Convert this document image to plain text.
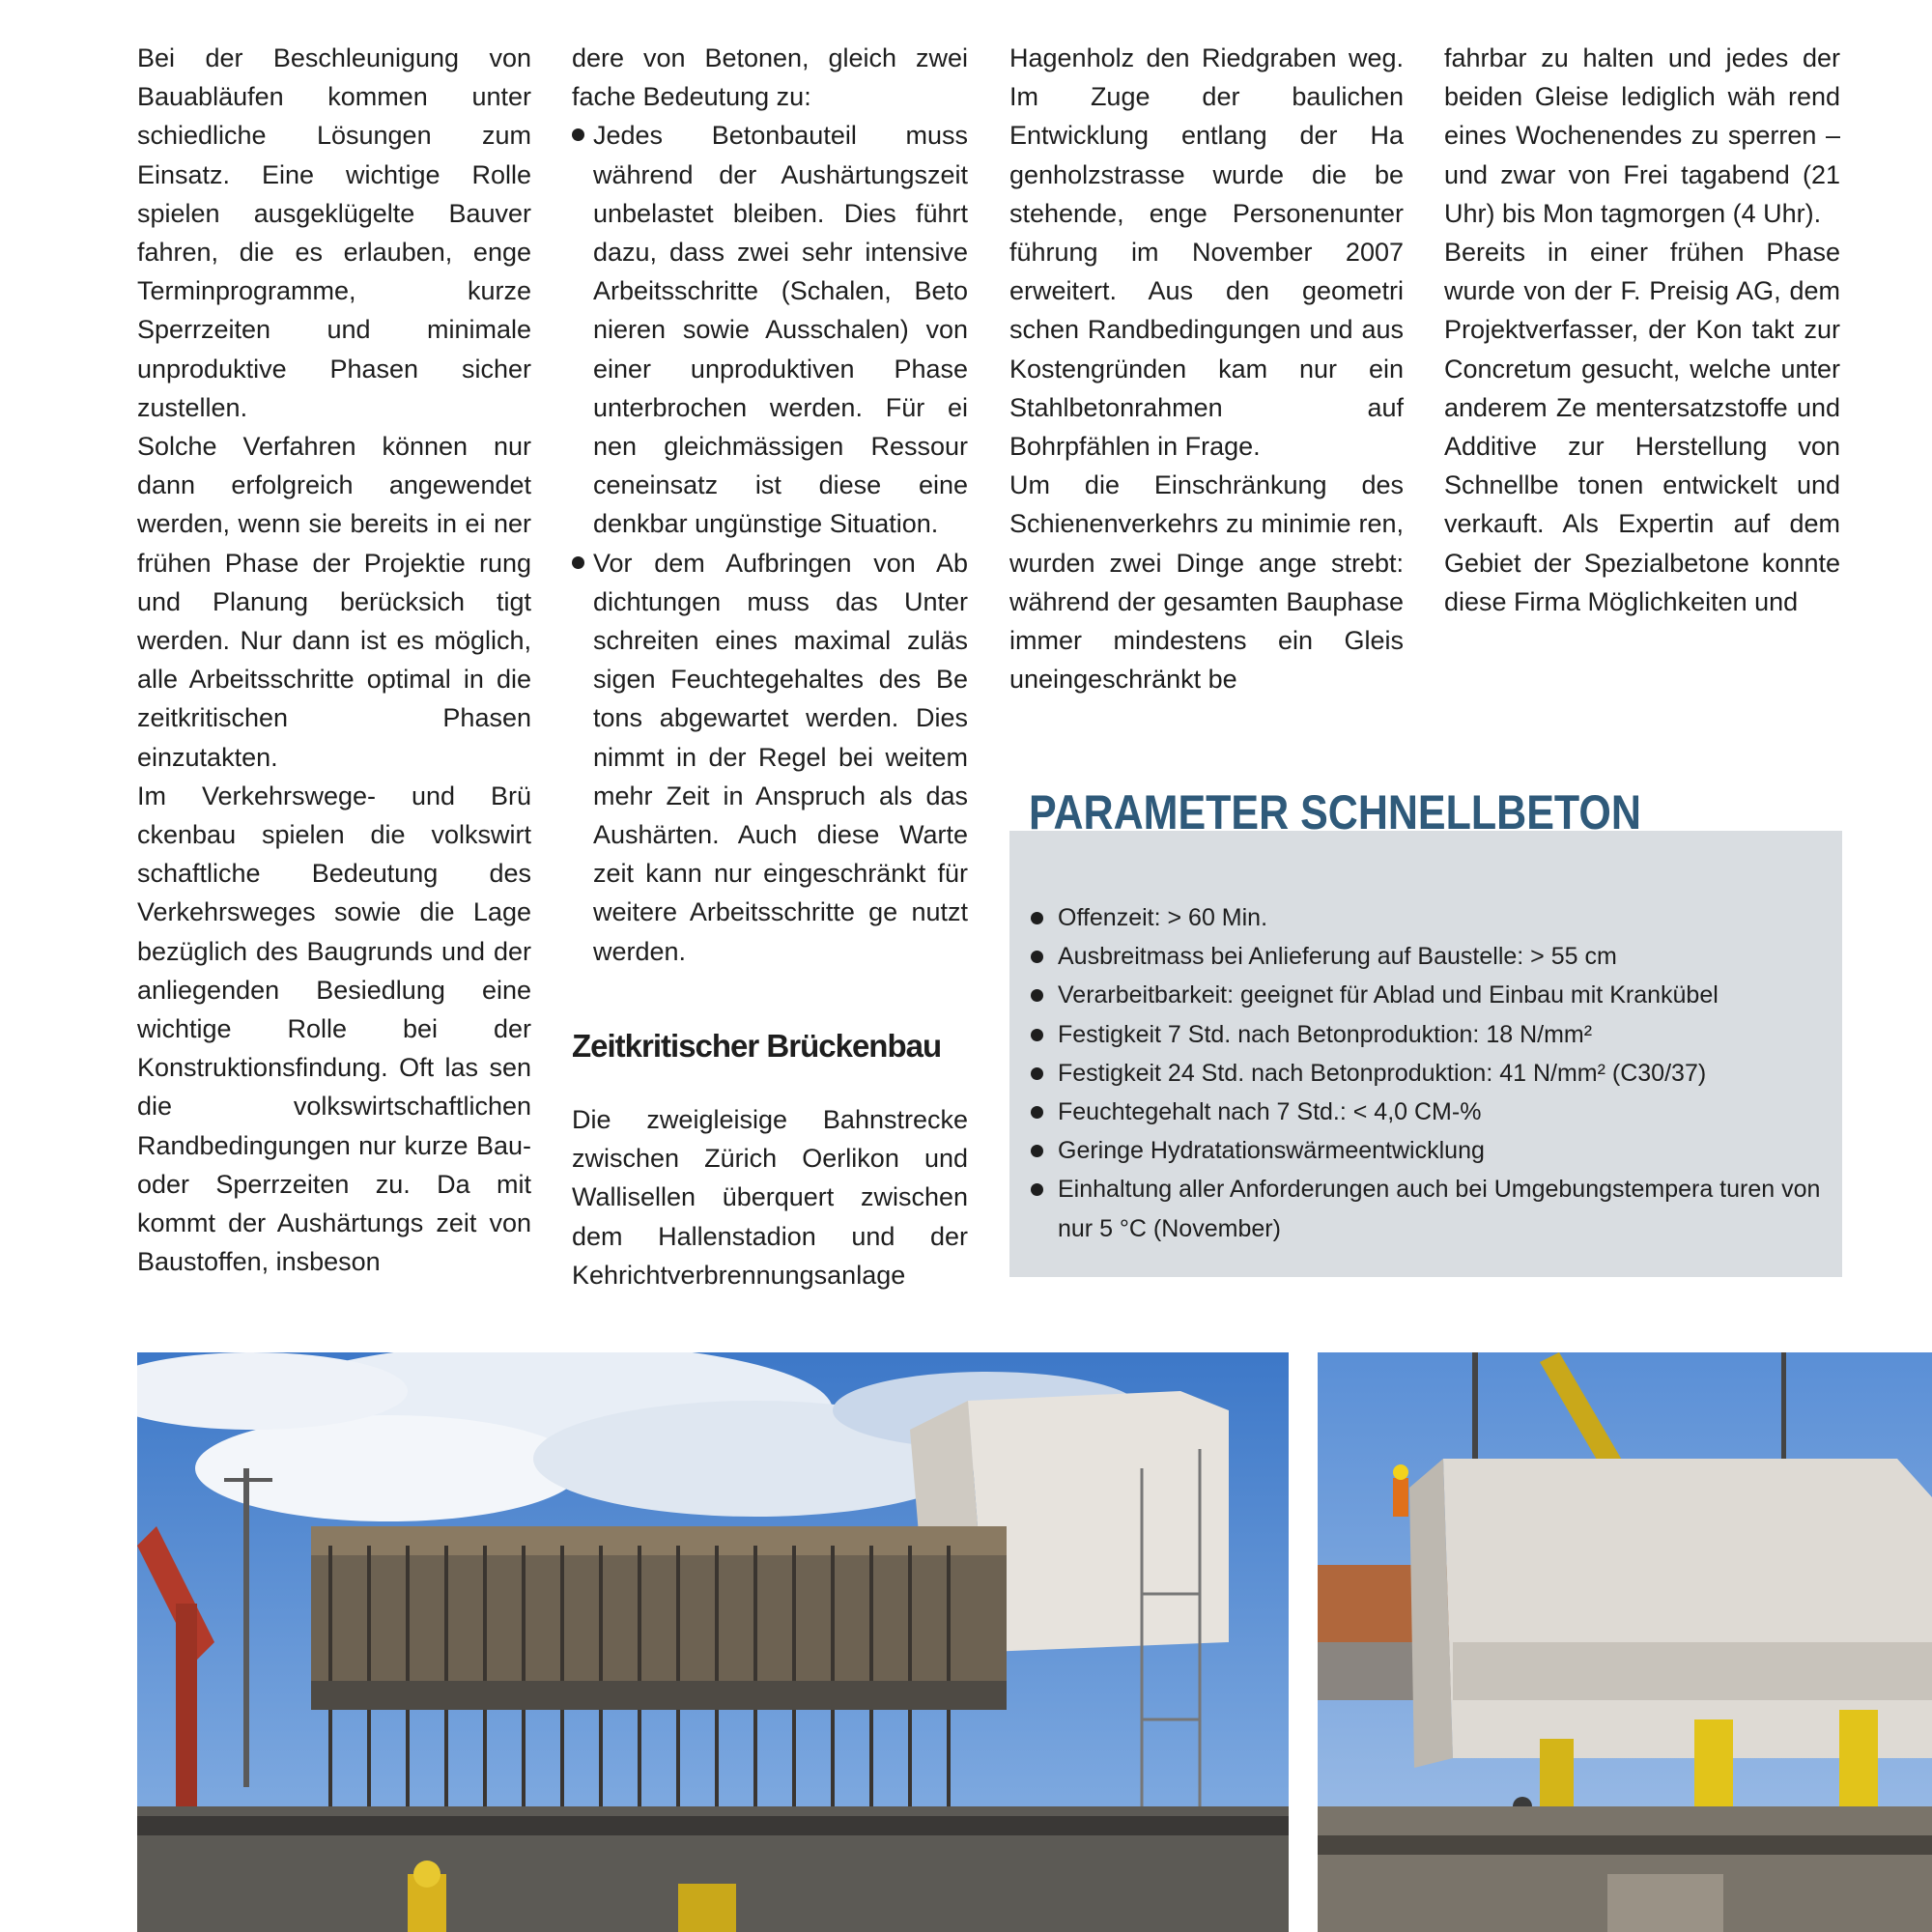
Bei der Beschleunigung von Bauabläufen kommen unter schiedliche Lösungen zum Einsatz. Eine wichtige Rolle spielen ausgeklügelte Bauver fahren, die es erlauben, enge Terminprogramme, kurze Sperrzeiten und minimale unproduktive Phasen sicher zustellen.

Solche Verfahren können nur dann erfolgreich angewendet werden, wenn sie bereits in ei ner frühen Phase der Projektie rung und Planung berücksich tigt werden. Nur dann ist es möglich, alle Arbeitsschritte optimal in die zeitkritischen Phasen einzutakten.

Im Verkehrswege- und Brü ckenbau spielen die volkswirt schaftliche Bedeutung des Verkehrsweges sowie die Lage bezüglich des Baugrunds und der anliegenden Besiedlung eine wichtige Rolle bei der Konstruktionsfindung. Oft las sen die volkswirtschaftlichen Randbedingungen nur kurze Bau- oder Sperrzeiten zu. Da mit kommt der Aushärtungs zeit von Baustoffen, insbeson

dere von Betonen, gleich zwei fache Bedeutung zu:

Jedes Betonbauteil muss während der Aushärtungszeit unbelastet bleiben. Dies führt dazu, dass zwei sehr intensive Arbeitsschritte (Schalen, Beto nieren sowie Ausschalen) von einer unproduktiven Phase unterbrochen werden. Für ei nen gleichmässigen Ressour ceneinsatz ist diese eine denkbar ungünstige Situation.
Vor dem Aufbringen von Ab dichtungen muss das Unter schreiten eines maximal zuläs sigen Feuchtegehaltes des Be tons abgewartet werden. Dies nimmt in der Regel bei weitem mehr Zeit in Anspruch als das Aushärten. Auch diese Warte zeit kann nur eingeschränkt für weitere Arbeitsschritte ge nutzt werden.
Zeitkritischer Brückenbau

Die zweigleisige Bahnstrecke zwischen Zürich Oerlikon und Wallisellen überquert zwischen dem Hallenstadion und der Kehrichtverbrennungsanlage

Hagenholz den Riedgraben weg. Im Zuge der baulichen Entwicklung entlang der Ha genholzstrasse wurde die be stehende, enge Personenunter führung im November 2007 erweitert. Aus den geometri schen Randbedingungen und aus Kostengründen kam nur ein Stahlbetonrahmen auf Bohrpfählen in Frage.

Um die Einschränkung des Schienenverkehrs zu minimie ren, wurden zwei Dinge ange strebt: während der gesamten Bauphase immer mindestens ein Gleis uneingeschränkt be

fahrbar zu halten und jedes der beiden Gleise lediglich wäh rend eines Wochenendes zu sperren – und zwar von Frei tagabend (21 Uhr) bis Mon tagmorgen (4 Uhr).

Bereits in einer frühen Phase wurde von der F. Preisig AG, dem Projektverfasser, der Kon takt zur Concretum gesucht, welche unter anderem Ze mentersatzstoffe und Additive zur Herstellung von Schnellbe tonen entwickelt und verkauft. Als Expertin auf dem Gebiet der Spezialbetone konnte diese Firma Möglichkeiten und

Offenzeit: > 60 Min.
Ausbreitmass bei Anlieferung auf Baustelle: > 55 cm
Verarbeitbarkeit: geeignet für Ablad und Einbau mit Krankübel
Festigkeit 7 Std. nach Betonproduktion: 18 N/mm²
Festigkeit 24 Std. nach Betonproduktion: 41 N/mm² (C30/37)
Feuchtegehalt nach 7 Std.: < 4,0 CM-%
Geringe Hydratationswärmeentwicklung
Einhaltung aller Anforderungen auch bei Umgebungstempera turen von nur 5 °C (November)
PARAMETER SCHNELLBETON
